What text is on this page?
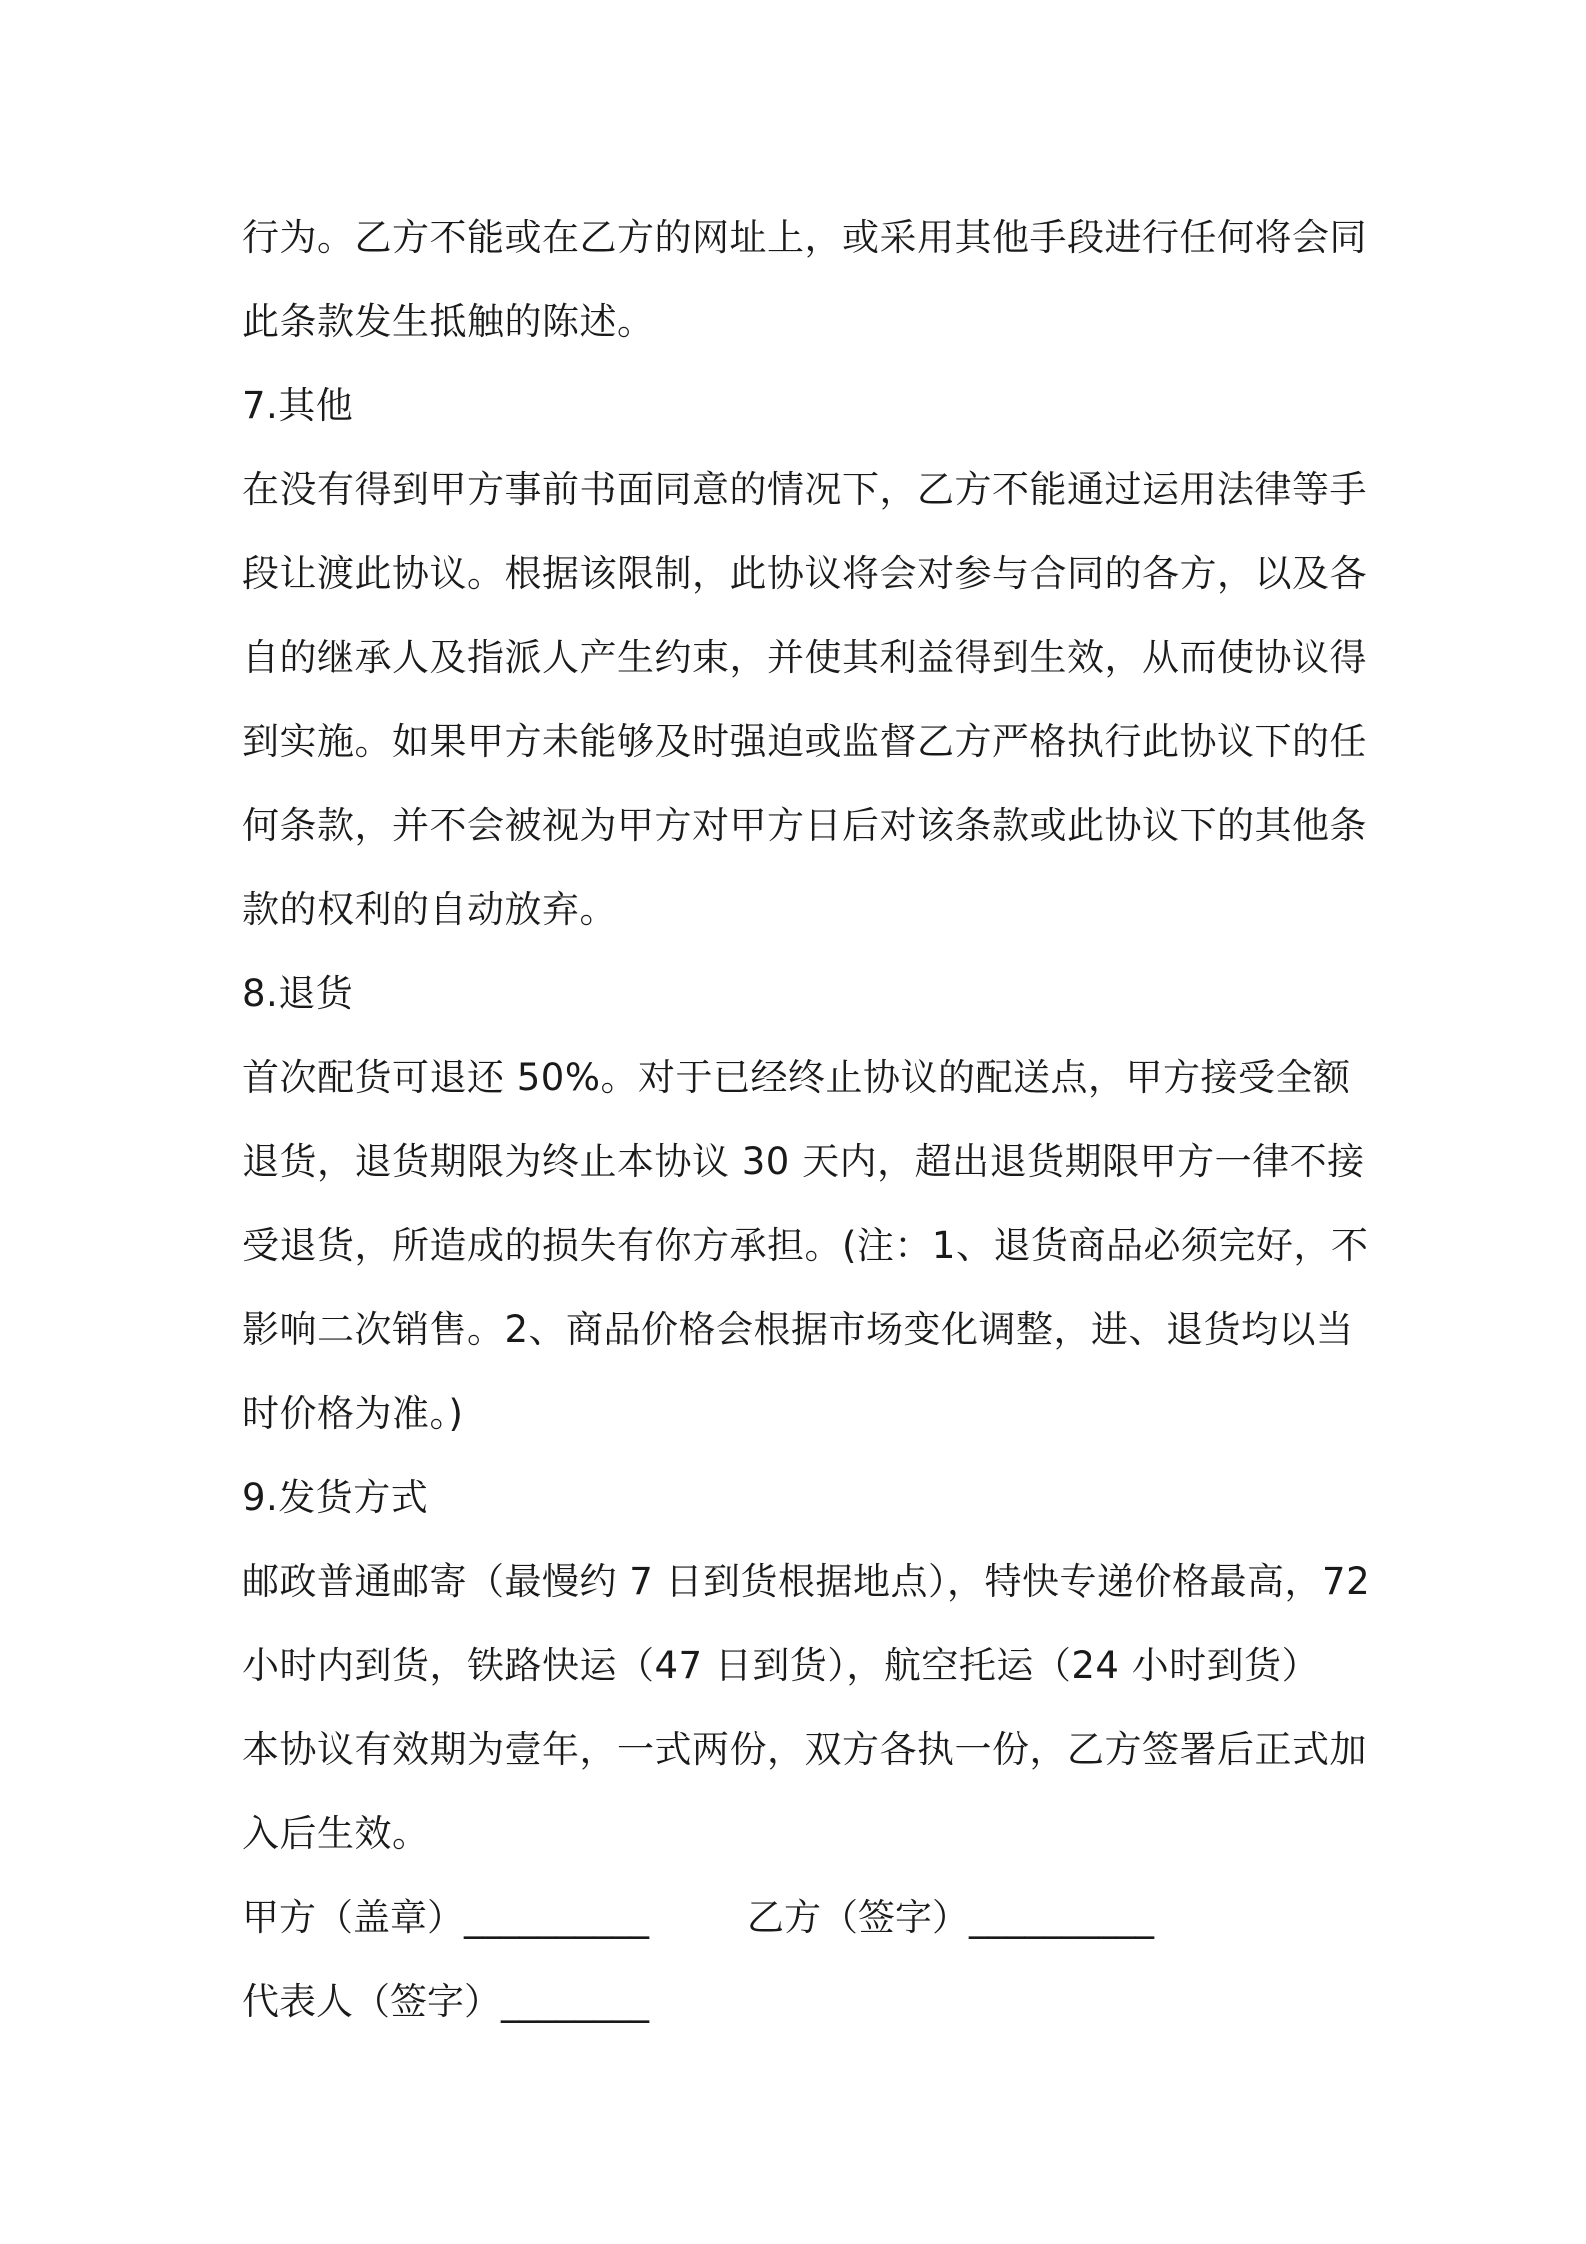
行为。乙方不能或在乙方的网址上，或采用其他手段进行任何将会同
此条款发生抵触的陈述。
7.其他
在没有得到甲方事前书面同意的情况下，乙方不能通过运用法律等手
段让渡此协议。根据该限制，此协议将会对参与合同的各方，以及各
自的继承人及指派人产生约束，并使其利益得到生效，从而使协议得
到实施。如果甲方未能够及时强迫或监督乙方严格执行此协议下的任
何条款，并不会被视为甲方对甲方日后对该条款或此协议下的其他条
款的权利的自动放弃。
8.退货
首次配货可退还 50%。对于已经终止协议的配送点，甲方接受全额
退货，退货期限为终止本协议 30 天内，超出退货期限甲方一律不接
受退货，所造成的损失有你方承担。(注：1、退货商品必须完好，不
影响二次销售。2、商品价格会根据市场变化调整，进、退货均以当
时价格为准。)
9.发货方式
邮政普通邮寄（最慢约 7 日到货根据地点），特快专递价格最高，72
小时内到货，铁路快运（47 日到货），航空托运（24 小时到货）
本协议有效期为壹年，一式两份，双方各执一份，乙方签署后正式加
入后生效。
甲方（盖章）__________	乙方（签字）__________
代表人（签字）________
